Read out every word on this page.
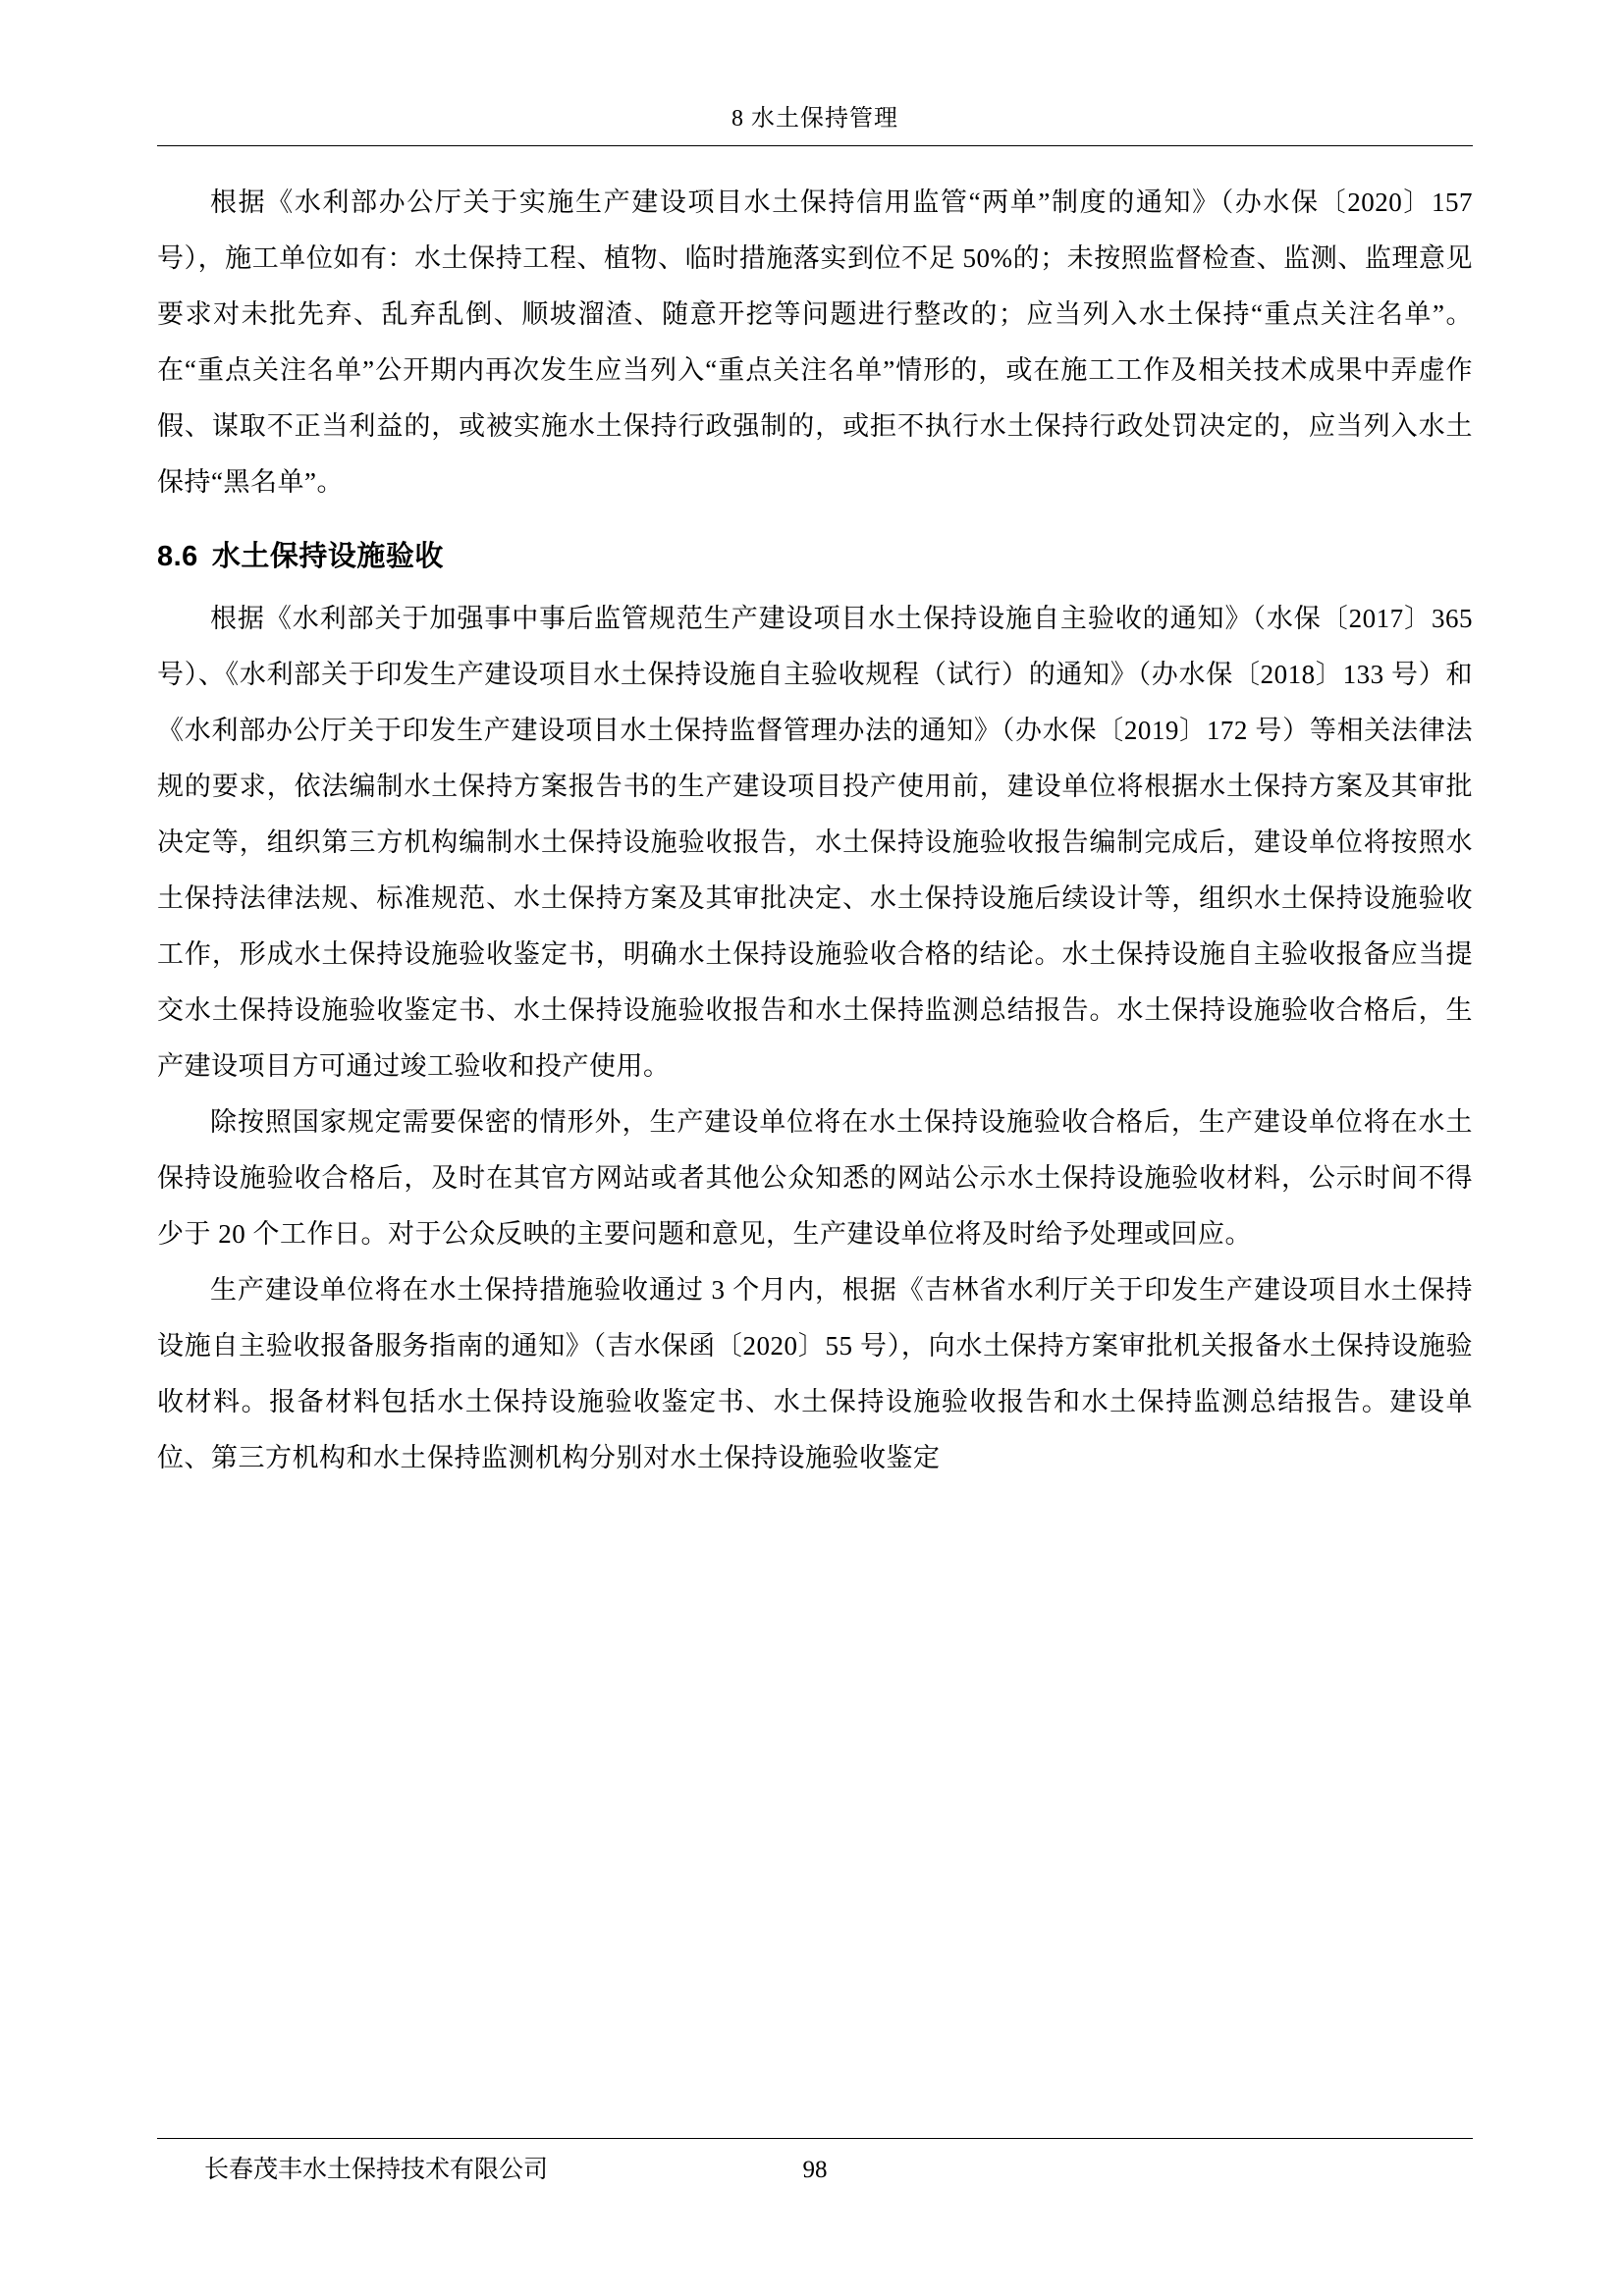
8 水土保持管理

根据《水利部办公厅关于实施生产建设项目水土保持信用监管“两单”制度的通知》（办水保〔2020〕157号），施工单位如有：水土保持工程、植物、临时措施落实到位不足 50%的；未按照监督检查、监测、监理意见要求对未批先弃、乱弃乱倒、顺坡溜渣、随意开挖等问题进行整改的；应当列入水土保持“重点关注名单”。在“重点关注名单”公开期内再次发生应当列入“重点关注名单”情形的，或在施工工作及相关技术成果中弄虚作假、谋取不正当利益的，或被实施水土保持行政强制的，或拒不执行水土保持行政处罚决定的，应当列入水土保持“黑名单”。

8.6 水土保持设施验收

根据《水利部关于加强事中事后监管规范生产建设项目水土保持设施自主验收的通知》（水保〔2017〕365 号）、《水利部关于印发生产建设项目水土保持设施自主验收规程（试行）的通知》（办水保〔2018〕133 号）和《水利部办公厅关于印发生产建设项目水土保持监督管理办法的通知》（办水保〔2019〕172 号）等相关法律法规的要求，依法编制水土保持方案报告书的生产建设项目投产使用前，建设单位将根据水土保持方案及其审批决定等，组织第三方机构编制水土保持设施验收报告，水土保持设施验收报告编制完成后，建设单位将按照水土保持法律法规、标准规范、水土保持方案及其审批决定、水土保持设施后续设计等，组织水土保持设施验收工作，形成水土保持设施验收鉴定书，明确水土保持设施验收合格的结论。水土保持设施自主验收报备应当提交水土保持设施验收鉴定书、水土保持设施验收报告和水土保持监测总结报告。水土保持设施验收合格后，生产建设项目方可通过竣工验收和投产使用。

除按照国家规定需要保密的情形外，生产建设单位将在水土保持设施验收合格后，生产建设单位将在水土保持设施验收合格后，及时在其官方网站或者其他公众知悉的网站公示水土保持设施验收材料，公示时间不得少于 20 个工作日。对于公众反映的主要问题和意见，生产建设单位将及时给予处理或回应。

生产建设单位将在水土保持措施验收通过 3 个月内，根据《吉林省水利厅关于印发生产建设项目水土保持设施自主验收报备服务指南的通知》（吉水保函〔2020〕55 号），向水土保持方案审批机关报备水土保持设施验收材料。报备材料包括水土保持设施验收鉴定书、水土保持设施验收报告和水土保持监测总结报告。建设单位、第三方机构和水土保持监测机构分别对水土保持设施验收鉴定

长春茂丰水土保持技术有限公司	98
